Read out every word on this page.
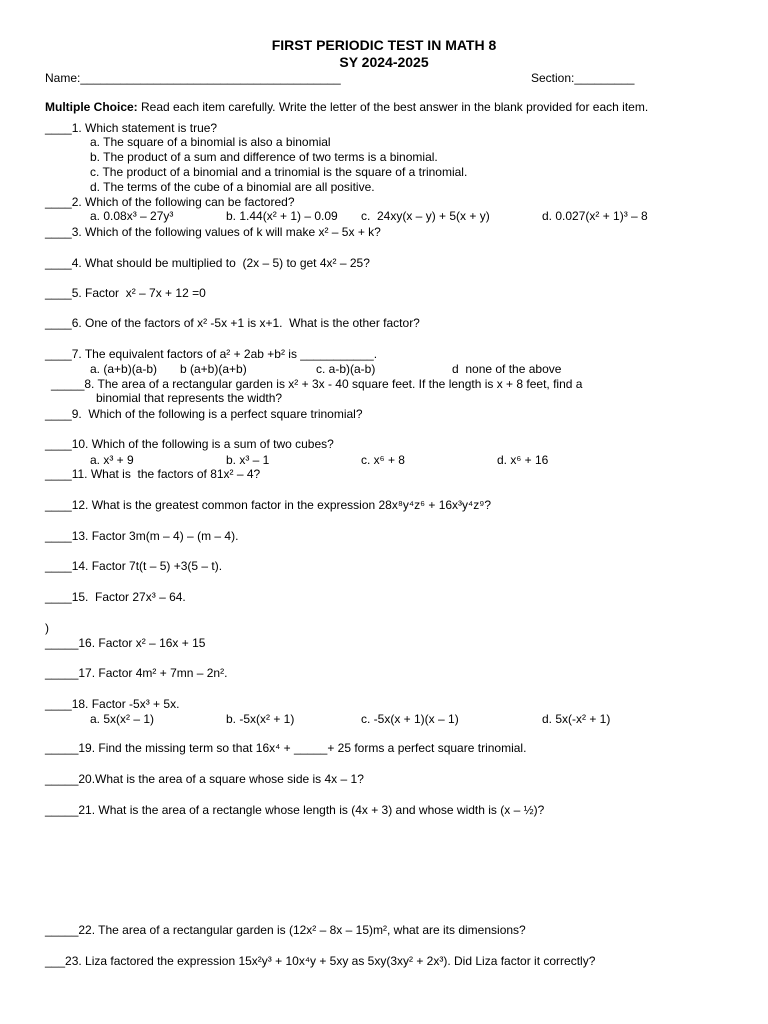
FIRST PERIODIC TEST IN MATH 8
SY 2024-2025
Name:_______________________________________	Section:_________
Multiple Choice: Read each item carefully. Write the letter of the best answer in the blank provided for each item.
____1. Which statement is true?
a. The square of a binomial is also a binomial
b. The product of a sum and difference of two terms is a binomial.
c. The product of a binomial and a trinomial is the square of a trinomial.
d. The terms of the cube of a binomial are all positive.
____2. Which of the following can be factored?
a. 0.08x³ – 27y³	b. 1.44(x² + 1) – 0.09 c.  24xy(x – y) + 5(x + y)	d. 0.027(x² + 1)³ – 8
____3. Which of the following values of k will make x² – 5x + k?
____4. What should be multiplied to  (2x – 5) to get 4x² – 25?
____5. Factor  x² – 7x + 12 =0
____6. One of the factors of x² -5x +1 is x+1.  What is the other factor?
____7. The equivalent factors of a² + 2ab +b² is ___________.
a. (a+b)(a-b) b (a+b)(a+b)	c. a-b)(a-b)	d  none of the above
_____8. The area of a rectangular garden is x² + 3x - 40 square feet. If the length is x + 8 feet, find a
binomial that represents the width?
____9.  Which of the following is a perfect square trinomial?
____10. Which of the following is a sum of two cubes?
a. x³ + 9	b. x³ – 1	c. x⁶ + 8	d. x⁶ + 16
____11. What is  the factors of 81x² – 4?
____12. What is the greatest common factor in the expression 28x⁸y⁴z⁶ + 16x³y⁴z⁹?
____13. Factor 3m(m – 4) – (m – 4).
____14. Factor 7t(t – 5) +3(5 – t).
____15.  Factor 27x³ – 64.
)
_____16. Factor x² – 16x + 15
_____17. Factor 4m² + 7mn – 2n².
____18. Factor -5x³ + 5x.
a. 5x(x² – 1)	b. -5x(x² + 1)	c. -5x(x + 1)(x – 1)	d. 5x(-x² + 1)
_____19. Find the missing term so that 16x⁴ + _____+ 25 forms a perfect square trinomial.
_____20.What is the area of a square whose side is 4x – 1?
_____21. What is the area of a rectangle whose length is (4x + 3) and whose width is (x – ½)?
_____22. The area of a rectangular garden is (12x² – 8x – 15)m², what are its dimensions?
___23. Liza factored the expression 15x²y³ + 10x⁴y + 5xy as 5xy(3xy² + 2x³). Did Liza factor it correctly?
